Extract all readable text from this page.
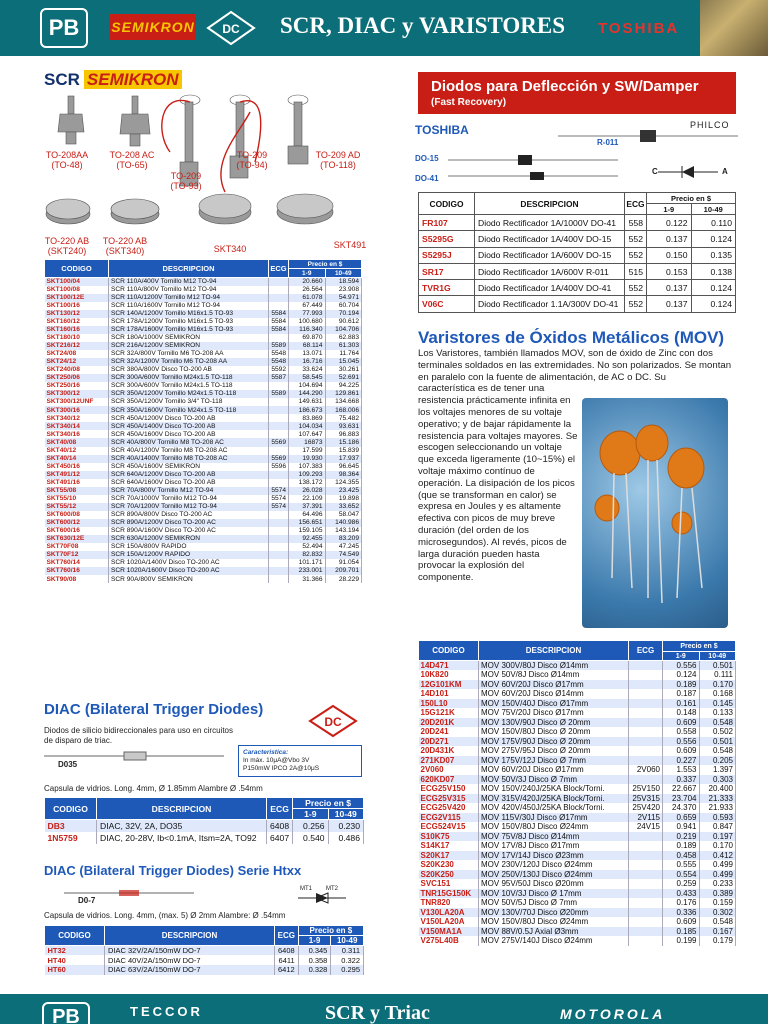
PB	SEMIKRON DC SCR, DIAC y VARISTORES TOSHIBA
SCR SEMIKRON
TO-208AA
(TO-48)
TO-208 AC
(TO-65)
TO-209
(TO-93)
TO-209
(TO-94)
TO-209 AD
(TO-118)
TO-220 AB
(SKT240)
TO-220 AB
(SKT340)	SKT340	SKT491
CODIGO	DESCRIPCION	ECG	Precio en $	
			1-9	10-49
SKT100/04	SCR 110A/400V Tornillo M12 TO-94		20.660	18.594
SKT100/08	SCR 110A/800V Tornillo M12 TO-94		26.564	23.908
SKT100/12E	SCR 110A/1200V Tornillo M12 TO-94		61.078	54.971
SKT100/16	SCR 110A/1600V Tornillo M12 TO-94		67.449	60.704
SKT130/12	SCR 140A/1200V Tornillo M16x1.5 TO-93	5584	77.993	70.194
SKT160/12	SCR 178A/1200V Tornillo M16x1.5 TO-93	5584	100.680	90.612
SKT160/16	SCR 178A/1600V Tornillo M16x1.5 TO-93	5584	116.340	104.706
SKT180/10	SCR 180A/1000V SEMIKRON		69.870	62.883
SKT216/12	SCR 216A/1200V SEMIKRON	5589	68.114	61.303
SKT24/08	SCR 32A/800V Tornillo M6 TO-208 AA	5548	13.071	11.764
SKT24/12	SCR 32A/1200V Tornillo M6 TO-208 AA	5548	16.716	15.045
SKT240/08	SCR 380A/800V Disco TO-200 AB	5592	33.624	30.261
SKT250/06	SCR 300A/600V Tornillo M24x1.5 TO-118	5587	58.545	52.691
SKT250/16	SCR 300A/600V Tornillo M24x1.5 TO-118		104.694	94.225
SKT300/12	SCR 350A/1200V Tornillo M24x1.5 TO-118	5589	144.290	129.861
SKT300/12UNF	SCR 350A/1200V Tornillo 3/4" TO-118		149.631	134.668
SKT300/16	SCR 350A/1600V Tornillo M24x1.5 TO-118		186.673	168.006
SKT340/12	SCR 450A/1200V Disco TO-200 AB		83.869	75.482
SKT340/14	SCR 450A/1400V Disco TO-200 AB		104.034	93.631
SKT340/16	SCR 450A/1600V Disco TO-200 AB		107.647	96.883
SKT40/08	SCR 40A/800V Tornillo M8 TO-208 AC	5569	16873	15.186
SKT40/12	SCR 40A/1200V Tornillo M8 TO-208 AC		17.599	15.839
SKT40/14	SCR 40A/1400V Tornillo M8 TO-208 AC	5569	19.930	17.937
SKT450/16	SCR 450A/1600V SEMIKRON	5596	107.383	96.645
SKT491/12	SCR 640A/1200V Disco TO-200 AB		109.293	98.364
SKT491/16	SCR 640A/1600V Disco TO-200 AB		138.172	124.355
SKT55/08	SCR 70A/800V Tornillo M12 TO-94	5574	26.028	23.425
SKT55/10	SCR 70A/1000V Tornillo M12 TO-94	5574	22.109	19.898
SKT55/12	SCR 70A/1200V Tornillo M12 TO-94	5574	37.391	33.652
SKT600/08	SCR 890A/800V Disco TO-200 AC		64.496	58.047
SKT600/12	SCR 890A/1200V Disco TO-200 AC		156.651	140.986
SKT600/16	SCR 890A/1600V Disco TO-200 AC		159.105	143.194
SKT630/12E	SCR 630A/1200V SEMIKRON		92.455	83.209
SKT70F08	SCR 150A/800V RAPIDO		52.494	47.245
SKT70F12	SCR 150A/1200V RAPIDO		82.832	74.549
SKT760/14	SCR 1020A/1400V Disco TO-200 AC		101.171	91.054
SKT760/16	SCR 1020A/1600V Disco TO-200 AC		233.001	209.701
SKT90/08	SCR 90A/800V SEMIKRON		31.366	28.229
DIAC (Bilateral Trigger Diodes)
DC
Diodos de silicio bidireccionales para uso en circuitos
de disparo de triac.
D035
Caracteristica:
In máx. 10μA@Vbo 3V
P150mW IPCO 2A@10μS
Capsula de vidrios. Long. 4mm, Ø 1.85mm Alambre Ø .54mm
CODIGO	DESCRIPCION	ECG	Precio en $	
			1-9	10-49
DB3	DIAC, 32V, 2A, DO35	6408	0.256	0.230
1N5759	DIAC, 20-28V, Ib<0.1mA, Itsm=2A, TO92	6407	0.540	0.486
DIAC (Bilateral Trigger Diodes) Serie Htxx
D0-7
MT1 MT2
Capsula de vidrios. Long. 4mm, (max. 5) Ø 2mm Alambre: Ø .54mm
CODIGO	DESCRIPCION	ECG	Precio en $	
			1-9	10-49
HT32	DIAC 32V/2A/150mW DO-7	6408	0.345	0.311
HT40	DIAC 40V/2A/150mW DO-7	6411	0.358	0.322
HT60	DIAC 63V/2A/150mW DO-7	6412	0.328	0.295
Diodos para Deflección y SW/Damper
(Fast Recovery)
TOSHIBA	PHILCO
R-011
DO-15
DO-41
C	A
CODIGO	DESCRIPCION	ECG	Precio en $	
			1-9	10-49
FR107	Diodo Rectificador 1A/1000V DO-41	558	0.122	0.110
S5295G	Diodo Rectificador 1A/400V DO-15	552	0.137	0.124
S5295J	Diodo Rectificador 1A/600V DO-15	552	0.150	0.135
SR17	Diodo Rectificador 1A/600V R-011	515	0.153	0.138
TVR1G	Diodo Rectificador 1A/400V DO-41	552	0.137	0.124
V06C	Diodo Rectificador 1.1A/300V DO-41	552	0.137	0.124
Varistores de Óxidos Metálicos (MOV)
Los Varistores, también llamados MOV, son de óxido de Zinc con dos terminales soldados en las extremidades. No son polarizados. Se montan en paralelo con la fuente de alimentación, de AC o DC. Su
característica es de tener una resistencia prácticamente infinita en los voltajes menores de su voltaje operativo; y de bajar rápidamente la resistencia para voltajes mayores. Se escogen seleccionando un voltaje que exceda ligeramente (10~15%) el voltaje máximo contínuo de operación. La disipación de los picos (que se transforman en calor) se expresa en Joules y es altamente efectiva con picos de muy breve duración (del orden de los microsegundos). Al revés, picos de larga duración pueden hasta provocar la explosión del componente.
CODIGO	DESCRIPCION	ECG	Precio en $	
			1-9	10-49
14D471	MOV 300V/80J Disco Ø14mm		0.556	0.501
10K820	MOV 50V/8J Disco Ø14mm		0.124	0.111
12G101KM	MOV 60V/20J Disco Ø17mm		0.189	0.170
14D101	MOV 60V/20J Disco Ø14mm		0.187	0.168
150L10	MOV 150V/40J Disco Ø17mm		0.161	0.145
15G121K	MOV 75V/20J Disco Ø17mm		0.148	0.133
20D201K	MOV 130V/90J Disco Ø 20mm		0.609	0.548
20D241	MOV 150V/80J Disco Ø 20mm		0.558	0.502
20D271	MOV 175V/90J Disco Ø 20mm		0.556	0.501
20D431K	MOV 275V/95J Disco Ø 20mm		0.609	0.548
271KD07	MOV 175V/12J Disco Ø 7mm		0.227	0.205
2V060	MOV 60V/20J Disco Ø17mm	2V060	1.553	1.397
620KD07	MOV 50V/3J Disco Ø 7mm		0.337	0.303
ECG25V150	MOV 150V/240J/25KA Block/Torni.	25V150	22.667	20.400
ECG25V315	MOV 315V/420J/25KA Block/Torni.	25V315	23.704	21.333
ECG25V420	MOV 420V/450J/25KA Block/Torni.	25V420	24.370	21.933
ECG2V115	MOV 115V/30J Disco Ø17mm	2V115	0.659	0.593
ECG524V15	MOV 150V/80J Disco Ø24mm	24V15	0.941	0.847
S10K75	MOV 75V/8J Disco Ø14mm		0.219	0.197
S14K17	MOV 17V/8J Disco Ø17mm		0.189	0.170
S20K17	MOV 17V/14J Disco Ø23mm		0.458	0.412
S20K230	MOV 230V/120J Disco Ø24mm		0.555	0.499
S20K250	MOV 250V/130J Disco Ø24mm		0.554	0.499
SVC151	MOV 95V/50J Disco Ø20mm		0.259	0.233
TNR15G150K	MOV 10V/3J Disco Ø 17mm		0.433	0.389
TNR820	MOV 50V/5J Disco Ø 7mm		0.176	0.159
V130LA20A	MOV 130V/70J Disco Ø20mm		0.336	0.302
V150LA20A	MOV 150V/80J Disco Ø24mm		0.609	0.548
V150MA1A	MOV 88V/0.5J Axial Ø3mm		0.185	0.167
V275L40B	MOV 275V/140J Disco Ø24mm		0.199	0.179
PB	TECCOR	SCR y Triac	MOTOROLA
